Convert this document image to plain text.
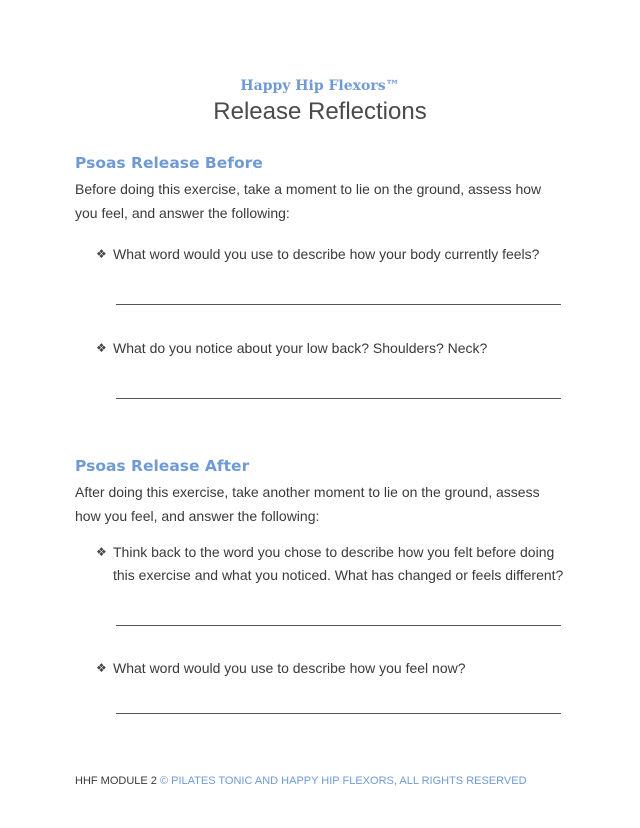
Happy Hip Flexors™
Release Reflections
Psoas Release Before

Before doing this exercise, take a moment to lie on the ground, assess how you feel, and answer the following:

❖ What word would you use to describe how your body currently feels?
❖ What do you notice about your low back? Shoulders? Neck?
Psoas Release After

After doing this exercise, take another moment to lie on the ground, assess how you feel, and answer the following:

❖ Think back to the word you chose to describe how you felt before doing this exercise and what you noticed. What has changed or feels different?
❖ What word would you use to describe how you feel now?
HHF MODULE 2 © PILATES TONIC AND HAPPY HIP FLEXORS, ALL RIGHTS RESERVED
